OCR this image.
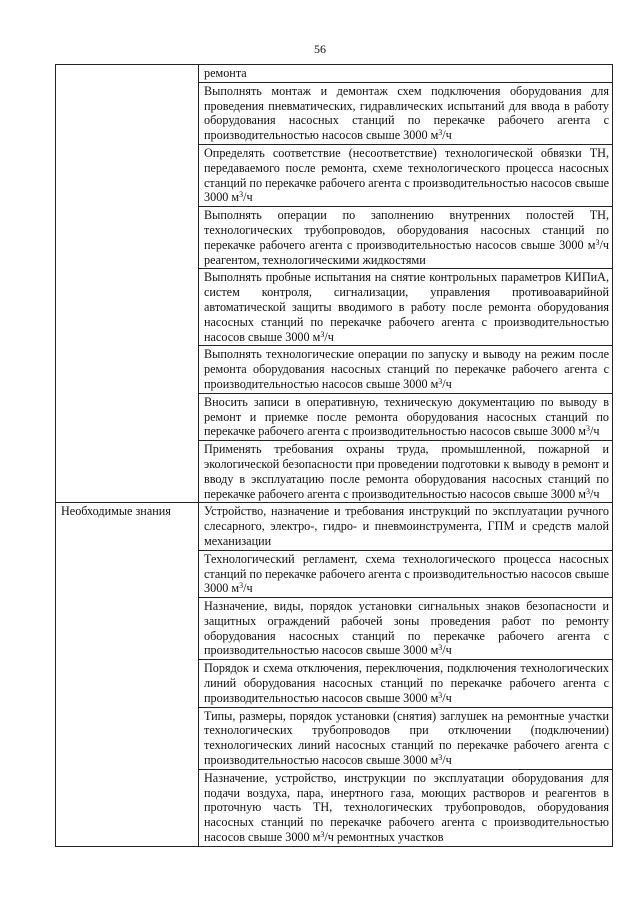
56
	ремонта
	Выполнять монтаж и демонтаж схем подключения оборудования для проведения пневматических, гидравлических испытаний для ввода в работу оборудования насосных станций по перекачке рабочего агента с производительностью насосов свыше 3000 $м^3/ч$
	Определять соответствие (несоответствие) технологической обвязки ТН, передаваемого после ремонта, схеме технологического процесса насосных станций по перекачке рабочего агента с производительностью насосов свыше 3000 $м^3/ч$
	Выполнять операции по заполнению внутренних полостей ТН, технологических трубопроводов, оборудования насосных станций по перекачке рабочего агента с производительностью насосов свыше 3000 $м^3/ч$ реагентом, технологическими жидкостями
	Выполнять пробные испытания на снятие контрольных параметров КИПиА, систем контроля, сигнализации, управления противоаварийной автоматической защиты вводимого в работу после ремонта оборудования насосных станций по перекачке рабочего агента с производительностью насосов свыше 3000 $м^3/ч$
	Выполнять технологические операции по запуску и выводу на режим после ремонта оборудования насосных станций по перекачке рабочего агента с производительностью насосов свыше 3000 $м^3/ч$
	Вносить записи в оперативную, техническую документацию по выводу в ремонт и приемке после ремонта оборудования насосных станций по перекачке рабочего агента с производительностью насосов свыше 3000 $м^3/ч$
	Применять требования охраны труда, промышленной, пожарной и экологической безопасности при проведении подготовки к выводу в ремонт и вводу в эксплуатацию после ремонта оборудования насосных станций по перекачке рабочего агента с производительностью насосов свыше 3000 $м^3/ч$
Необходимые знания	Устройство, назначение и требования инструкций по эксплуатации ручного слесарного, электро-, гидро- и пневмоинструмента, ГПМ и средств малой механизации
	Технологический регламент, схема технологического процесса насосных станций по перекачке рабочего агента с производительностью насосов свыше 3000 $м^3/ч$
	Назначение, виды, порядок установки сигнальных знаков безопасности и защитных ограждений рабочей зоны проведения работ по ремонту оборудования насосных станций по перекачке рабочего агента с производительностью насосов свыше 3000 $м^3/ч$
	Порядок и схема отключения, переключения, подключения технологических линий оборудования насосных станций по перекачке рабочего агента с производительностью насосов свыше 3000 $м^3/ч$
	Типы, размеры, порядок установки (снятия) заглушек на ремонтные участки технологических трубопроводов при отключении (подключении) технологических линий насосных станций по перекачке рабочего агента с производительностью насосов свыше 3000 $м^3/ч$
	Назначение, устройство, инструкции по эксплуатации оборудования для подачи воздуха, пара, инертного газа, моющих растворов и реагентов в проточную часть ТН, технологических трубопроводов, оборудования насосных станций по перекачке рабочего агента с производительностью насосов свыше 3000 $м^3/ч$ ремонтных участков
